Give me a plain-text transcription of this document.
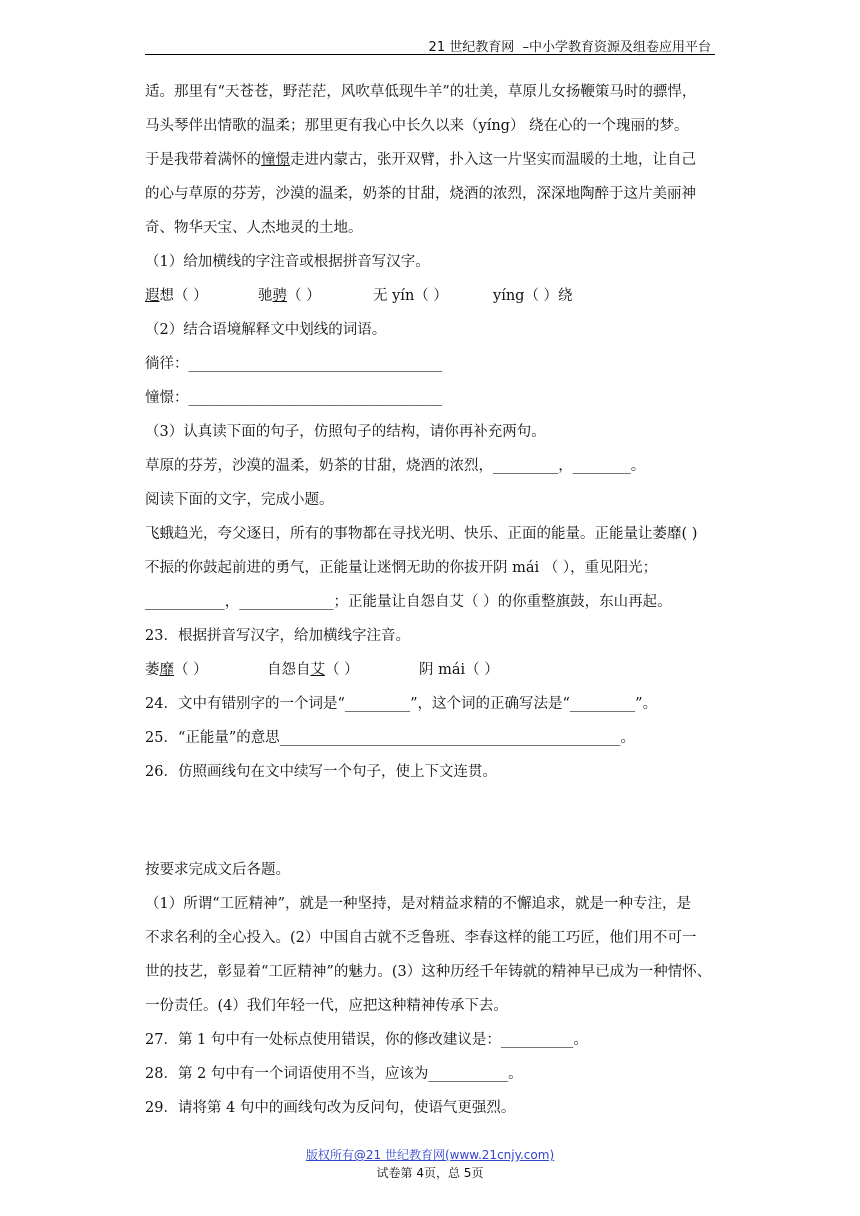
21 世纪教育网  –中小学教育资源及组卷应用平台
适。那里有“天苍苍，野茫茫，风吹草低现牛羊”的壮美，草原儿女扬鞭策马时的骠悍，
马头琴伴出情歌的温柔；那里更有我心中长久以来（yíng） 绕在心的一个瑰丽的梦。
于是我带着满怀的憧憬走进内蒙古，张开双臂，扑入这一片坚实而温暖的土地，让自己
的心与草原的芬芳，沙漠的温柔，奶茶的甘甜，烧酒的浓烈，深深地陶醉于这片美丽神
奇、物华天宝、人杰地灵的土地。
（1）给加横线的字注音或根据拼音写汉字。
遐想（ ）	驰骋（ ）	无 yín（ ）	yíng（ ）绕
（2）结合语境解释文中划线的词语。
徜徉：___________________________________
憧憬：___________________________________
（3）认真读下面的句子，仿照句子的结构，请你再补充两句。
草原的芬芳，沙漠的温柔，奶茶的甘甜，烧酒的浓烈，_________，________。
阅读下面的文字，完成小题。
飞蛾趋光，夸父逐日，所有的事物都在寻找光明、快乐、正面的能量。正能量让萎靡( )
不振的你鼓起前进的勇气，正能量让迷惘无助的你拔开阴 mái （ ），重见阳光；
___________，_____________；正能量让自怨自艾（ ）的你重整旗鼓，东山再起。
23．根据拼音写汉字，给加横线字注音。
萎靡（ ）	自怨自艾（ ）	阴 mái（ ）
24．文中有错别字的一个词是“_________”，这个词的正确写法是“_________”。
25．“正能量”的意思_______________________________________________。
26．仿照画线句在文中续写一个句子，使上下文连贯。
按要求完成文后各题。
（1）所谓“工匠精神”，就是一种坚持，是对精益求精的不懈追求，就是一种专注，是
不求名利的全心投入。(2）中国自古就不乏鲁班、李春这样的能工巧匠，他们用不可一
世的技艺，彰显着“工匠精神”的魅力。(3）这种历经千年铸就的精神早已成为一种情怀、
一份责任。(4）我们年轻一代，应把这种精神传承下去。
27．第 1 句中有一处标点使用错误，你的修改建议是：__________。
28．第 2 句中有一个词语使用不当，应该为___________。
29．请将第 4 句中的画线句改为反问句，使语气更强烈。
版权所有@21 世纪教育网(www.21cnjy.com)
试卷第 4页，总 5页
